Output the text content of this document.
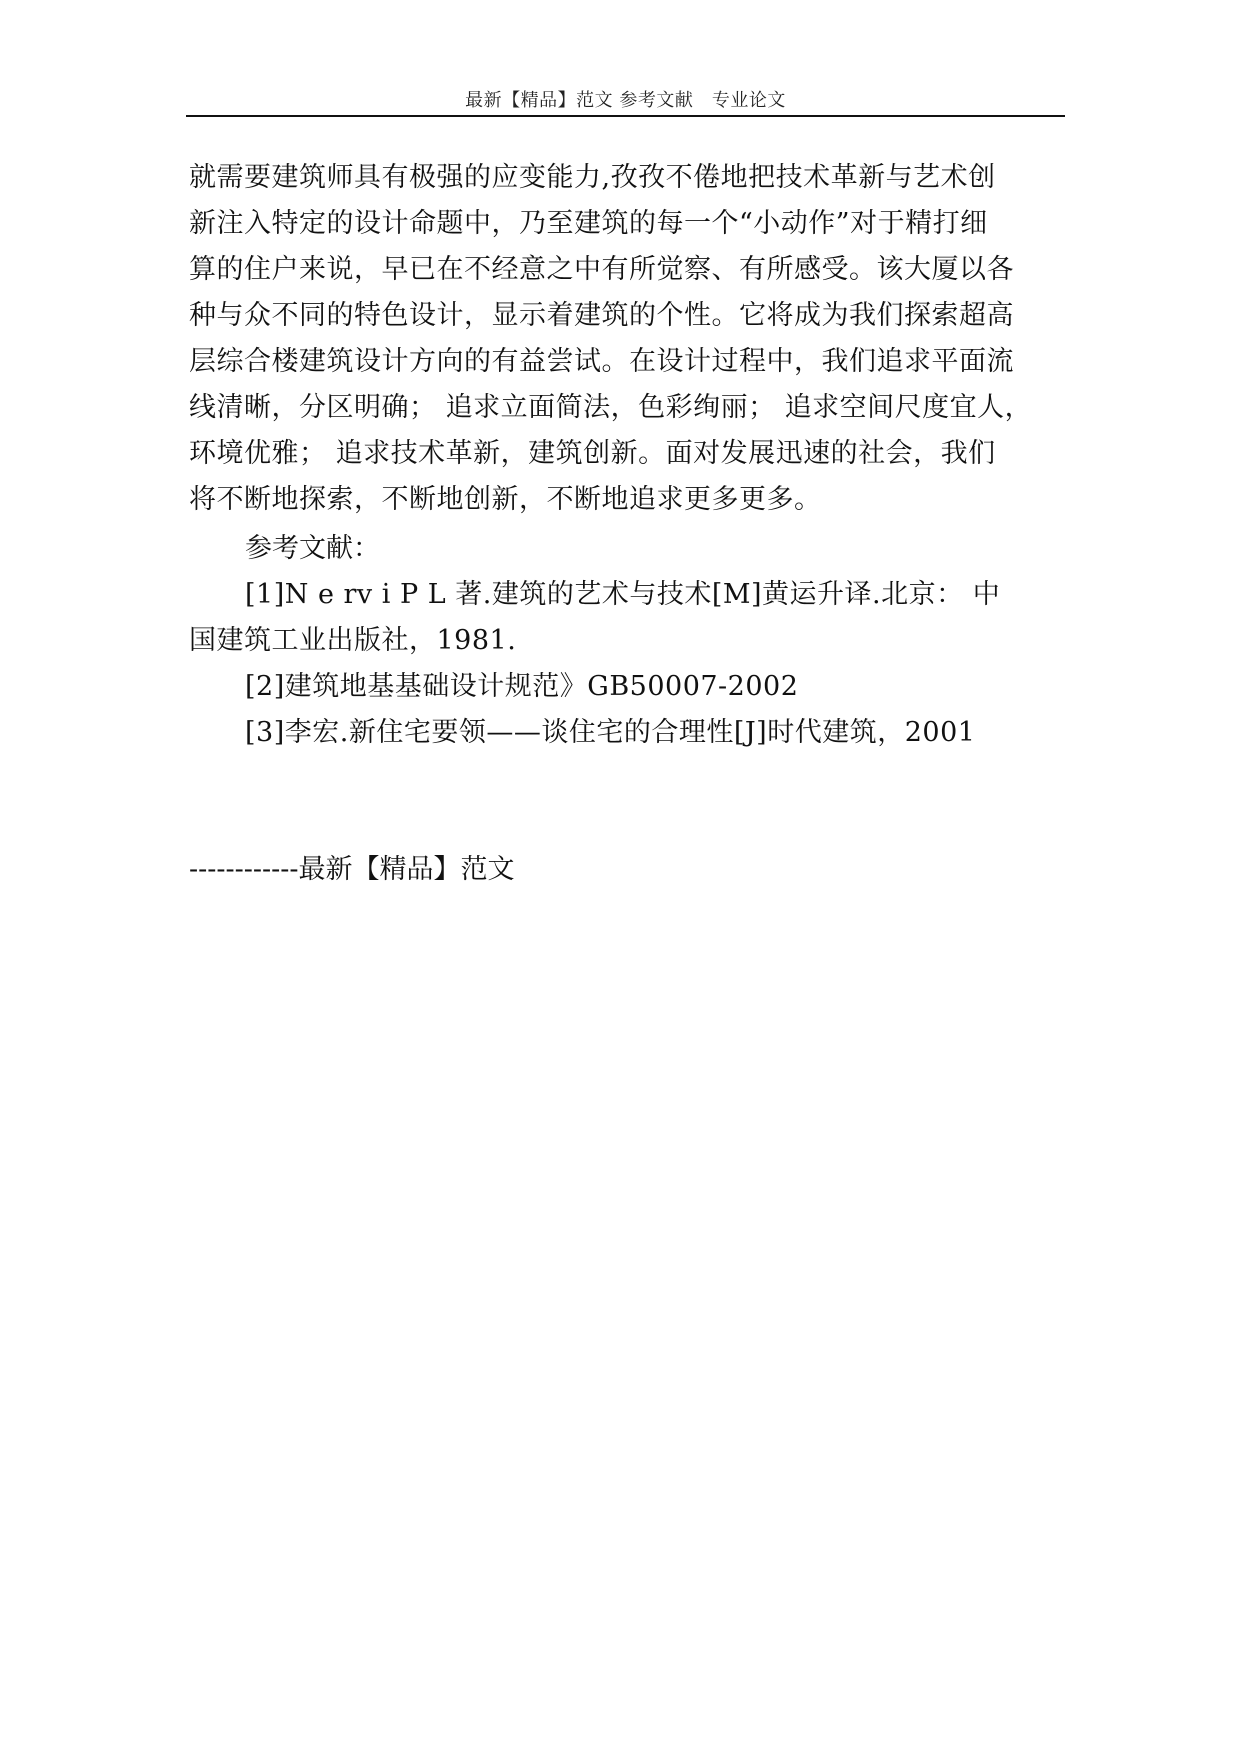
最新【精品】范文 参考文献　专业论文
就需要建筑师具有极强的应变能力,孜孜不倦地把技术革新与艺术创
新注入特定的设计命题中，乃至建筑的每一个“小动作”对于精打细
算的住户来说，早已在不经意之中有所觉察、有所感受。该大厦以各
种与众不同的特色设计，显示着建筑的个性。它将成为我们探索超高
层综合楼建筑设计方向的有益尝试。在设计过程中，我们追求平面流
线清晰，分区明确； 追求立面简法，色彩绚丽； 追求空间尺度宜人，
环境优雅； 追求技术革新，建筑创新。面对发展迅速的社会，我们
将不断地探索，不断地创新，不断地追求更多更多。
参考文献：
[1]N e rv i P L 著.建筑的艺术与技术[M]黄运升译.北京： 中
国建筑工业出版社，1981.
[2]建筑地基基础设计规范》GB50007-2002
[3]李宏.新住宅要领——谈住宅的合理性[J]时代建筑，2001
------------最新【精品】范文
